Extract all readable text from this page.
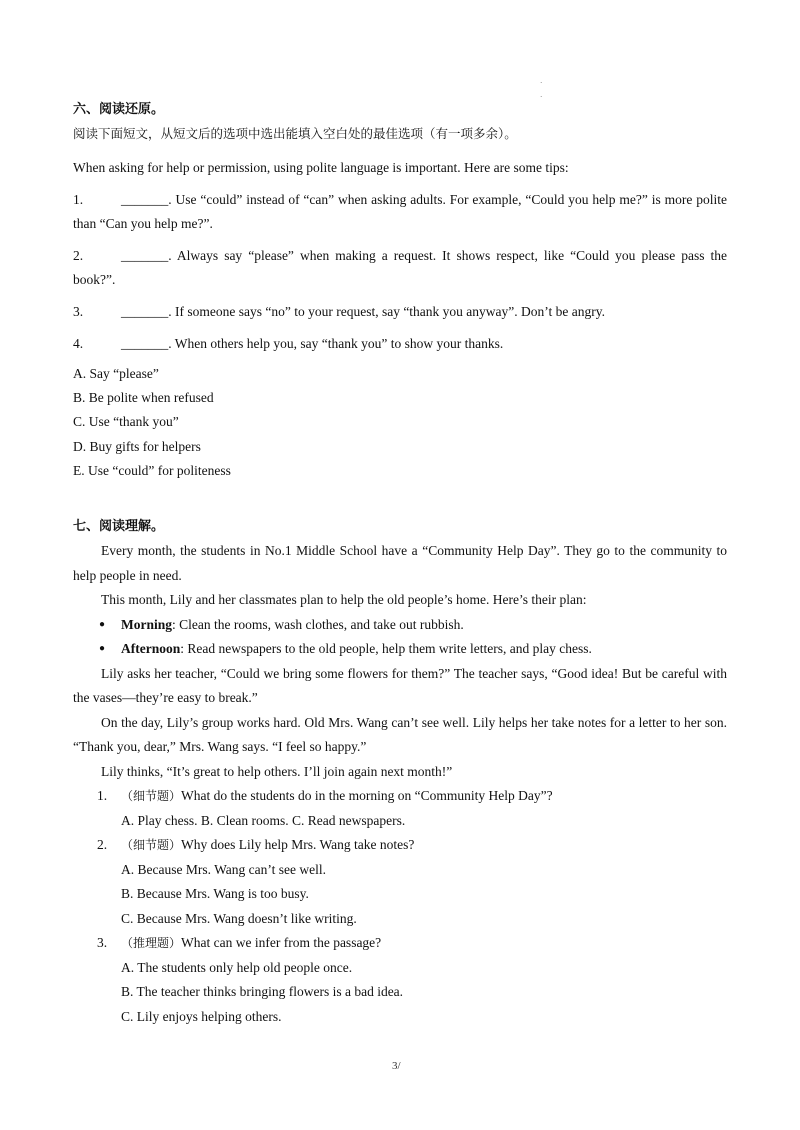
·
·
六、阅读还原。
阅读下面短文，从短文后的选项中选出能填入空白处的最佳选项（有一项多余）。

When asking for help or permission, using polite language is important. Here are some tips:

1.	_______. Use “could” instead of “can” when asking adults. For example, “Could you help me?” is more polite than “Can you help me?”.
2.	_______. Always say “please” when making a request. It shows respect, like “Could you please pass the book?”.
3.	_______. If someone says “no” to your request, say “thank you anyway”. Don’t be angry.
4.	_______. When others help you, say “thank you” to show your thanks.
A. Say “please”
B. Be polite when refused
C. Use “thank you”
D. Buy gifts for helpers
E. Use “could” for politeness
七、阅读理解。

Every month, the students in No.1 Middle School have a “Community Help Day”. They go to the community to help people in need.

This month, Lily and her classmates plan to help the old people’s home. Here’s their plan:

●	Morning: Clean the rooms, wash clothes, and take out rubbish.
●	Afternoon: Read newspapers to the old people, help them write letters, and play chess.

Lily asks her teacher, “Could we bring some flowers for them?” The teacher says, “Good idea! But be careful with the vases—they’re easy to break.”

On the day, Lily’s group works hard. Old Mrs. Wang can’t see well. Lily helps her take notes for a letter to her son. “Thank you, dear,” Mrs. Wang says. “I feel so happy.”

Lily thinks, “It’s great to help others. I’ll join again next month!”

1.	（细节题）What do the students do in the morning on “Community Help Day”?
A. Play chess. B. Clean rooms. C. Read newspapers.
2.	（细节题）Why does Lily help Mrs. Wang take notes?
A. Because Mrs. Wang can’t see well.
B. Because Mrs. Wang is too busy.
C. Because Mrs. Wang doesn’t like writing.
3.	（推理题）What can we infer from the passage?
A. The students only help old people once.
B. The teacher thinks bringing flowers is a bad idea.
C. Lily enjoys helping others.
3/
